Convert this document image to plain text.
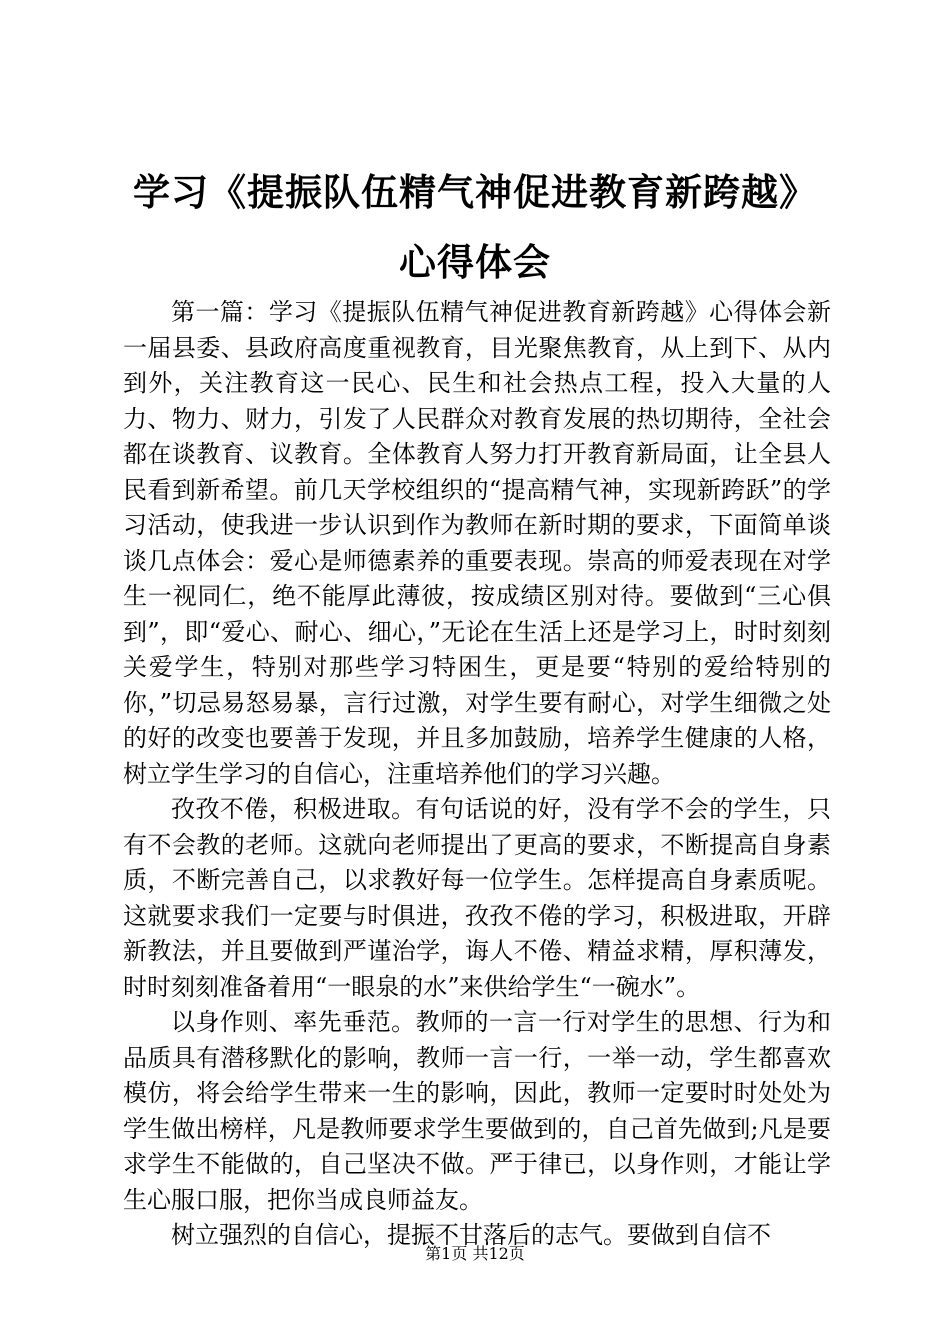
学习《提振队伍精气神促进教育新跨越》心得体会

第一篇：学习《提振队伍精气神促进教育新跨越》心得体会新一届县委、县政府高度重视教育，目光聚焦教育，从上到下、从内到外，关注教育这一民心、民生和社会热点工程，投入大量的人力、物力、财力，引发了人民群众对教育发展的热切期待，全社会都在谈教育、议教育。全体教育人努力打开教育新局面，让全县人民看到新希望。前几天学校组织的“提高精气神，实现新跨跃”的学习活动，使我进一步认识到作为教师在新时期的要求，下面简单谈谈几点体会：爱心是师德素养的重要表现。崇高的师爱表现在对学生一视同仁，绝不能厚此薄彼，按成绩区别对待。要做到“三心俱到”，即“爱心、耐心、细心，”无论在生活上还是学习上，时时刻刻关爱学生，特别对那些学习特困生，更是要“特别的爱给特别的你，”切忌易怒易暴，言行过激，对学生要有耐心，对学生细微之处的好的改变也要善于发现，并且多加鼓励，培养学生健康的人格，树立学生学习的自信心，注重培养他们的学习兴趣。

孜孜不倦，积极进取。有句话说的好，没有学不会的学生，只有不会教的老师。这就向老师提出了更高的要求，不断提高自身素质，不断完善自己，以求教好每一位学生。怎样提高自身素质呢。这就要求我们一定要与时俱进，孜孜不倦的学习，积极进取，开辟新教法，并且要做到严谨治学，诲人不倦、精益求精，厚积薄发，时时刻刻准备着用“一眼泉的水”来供给学生“一碗水”。

以身作则、率先垂范。教师的一言一行对学生的思想、行为和品质具有潜移默化的影响，教师一言一行，一举一动，学生都喜欢模仿，将会给学生带来一生的影响，因此，教师一定要时时处处为学生做出榜样，凡是教师要求学生要做到的，自己首先做到;凡是要求学生不能做的，自己坚决不做。严于律已，以身作则，才能让学生心服口服，把你当成良师益友。

树立强烈的自信心，提振不甘落后的志气。要做到自信不

第1页 共12页
